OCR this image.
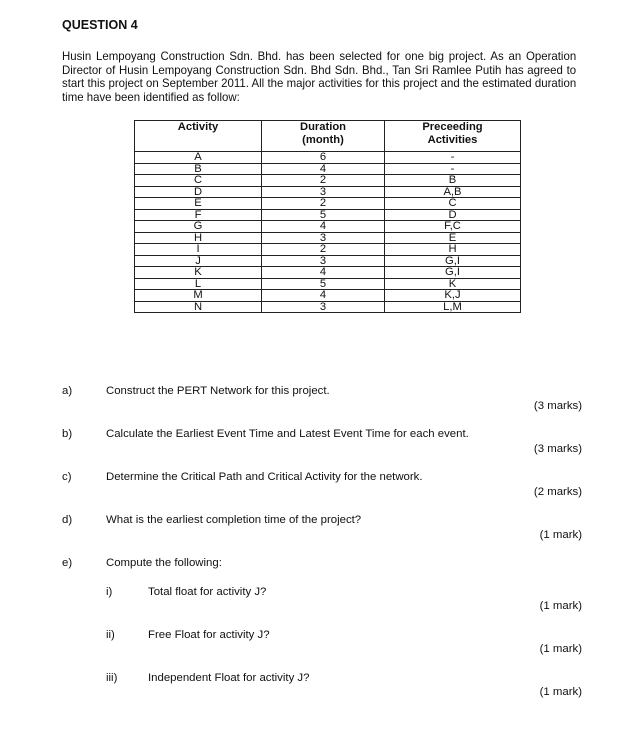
QUESTION 4
Husin Lempoyang Construction Sdn. Bhd. has been selected for one big project. As an Operation Director of Husin Lempoyang Construction Sdn. Bhd Sdn. Bhd., Tan Sri Ramlee Putih has agreed to start this project on September 2011. All the major activities for this project and the estimated duration time have been identified as follow:
Activity	Duration (month)	Preceeding Activities
A	6	-
B	4	-
C	2	B
D	3	A,B
E	2	C
F	5	D
G	4	F,C
H	3	E
I	2	H
J	3	G,I
K	4	G,I
L	5	K
M	4	K,J
N	3	L,M
a)	Construct the PERT Network for this project.
(3 marks)
b)	Calculate the Earliest Event Time and Latest Event Time for each event.
(3 marks)
c)	Determine the Critical Path and Critical Activity for the network.
(2 marks)
d)	What is the earliest completion time of the project?
(1 mark)
e)	Compute the following:
i)	Total float for activity J?
(1 mark)
ii)	Free Float for activity J?
(1 mark)
iii)	Independent Float for activity J?
(1 mark)
